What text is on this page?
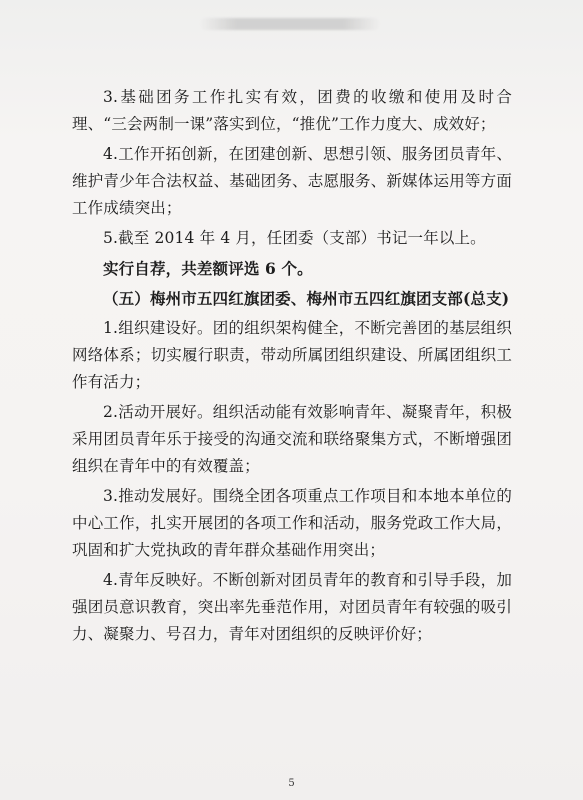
3.基础团务工作扎实有效，团费的收缴和使用及时合理、“三会两制一课”落实到位，“推优”工作力度大、成效好；

4.工作开拓创新，在团建创新、思想引领、服务团员青年、维护青少年合法权益、基础团务、志愿服务、新媒体运用等方面工作成绩突出；

5.截至 2014 年 4 月，任团委（支部）书记一年以上。

实行自荐，共差额评选 6 个。

（五）梅州市五四红旗团委、梅州市五四红旗团支部(总支)

1.组织建设好。团的组织架构健全，不断完善团的基层组织网络体系；切实履行职责，带动所属团组织建设、所属团组织工作有活力；

2.活动开展好。组织活动能有效影响青年、凝聚青年，积极采用团员青年乐于接受的沟通交流和联络聚集方式，不断增强团组织在青年中的有效覆盖；

3.推动发展好。围绕全团各项重点工作项目和本地本单位的中心工作，扎实开展团的各项工作和活动，服务党政工作大局，巩固和扩大党执政的青年群众基础作用突出；

4.青年反映好。不断创新对团员青年的教育和引导手段，加强团员意识教育，突出率先垂范作用，对团员青年有较强的吸引力、凝聚力、号召力，青年对团组织的反映评价好；

5
